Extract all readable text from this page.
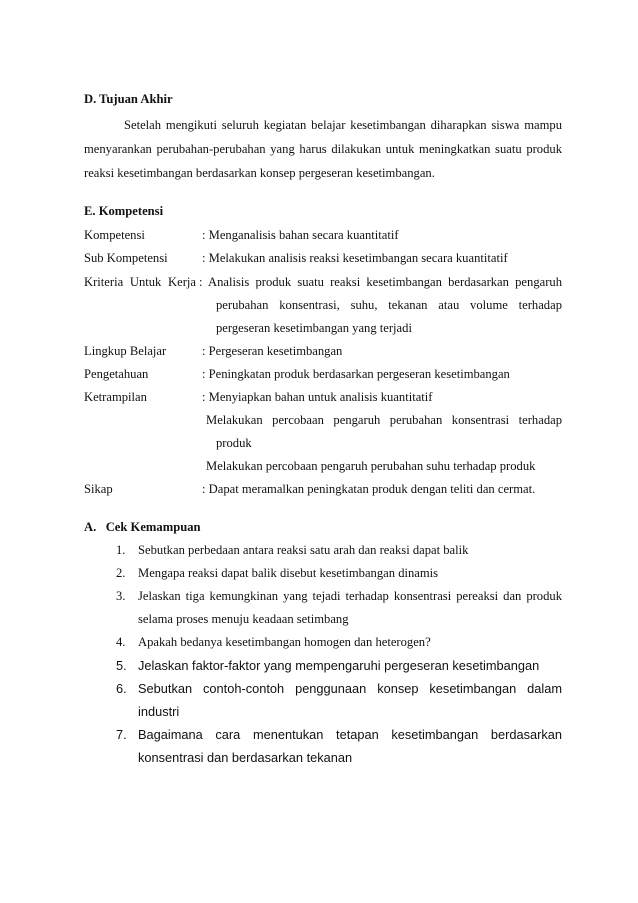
D. Tujuan Akhir
Setelah mengikuti seluruh kegiatan belajar kesetimbangan diharapkan siswa mampu
menyarankan perubahan-perubahan yang harus dilakukan untuk meningkatkan suatu produk
reaksi kesetimbangan berdasarkan konsep pergeseran kesetimbangan.
E. Kompetensi
Kompetensi	: Menganalisis bahan secara kuantitatif
Sub Kompetensi	: Melakukan analisis reaksi kesetimbangan secara kuantitatif
Kriteria Untuk Kerja : Analisis produk suatu reaksi kesetimbangan berdasarkan pengaruh
perubahan konsentrasi, suhu, tekanan atau volume terhadap
pergeseran kesetimbangan yang terjadi
Lingkup Belajar	: Pergeseran kesetimbangan
Pengetahuan	: Peningkatan produk berdasarkan pergeseran kesetimbangan
Ketrampilan	: Menyiapkan bahan untuk analisis kuantitatif
Melakukan percobaan pengaruh perubahan konsentrasi terhadap
produk
Melakukan percobaan pengaruh perubahan suhu terhadap produk
Sikap	: Dapat meramalkan peningkatan produk dengan teliti dan cermat.
A.   Cek Kemampuan
1. Sebutkan perbedaan antara reaksi satu arah dan reaksi dapat balik
2. Mengapa reaksi dapat balik disebut kesetimbangan dinamis
3. Jelaskan tiga kemungkinan yang tejadi terhadap konsentrasi pereaksi dan produk
selama proses menuju keadaan setimbang
4. Apakah bedanya kesetimbangan homogen dan heterogen?
5. Jelaskan faktor-faktor yang mempengaruhi pergeseran kesetimbangan
6. Sebutkan contoh-contoh penggunaan konsep kesetimbangan dalam
industri
7. Bagaimana cara menentukan tetapan kesetimbangan berdasarkan
konsentrasi dan berdasarkan tekanan
